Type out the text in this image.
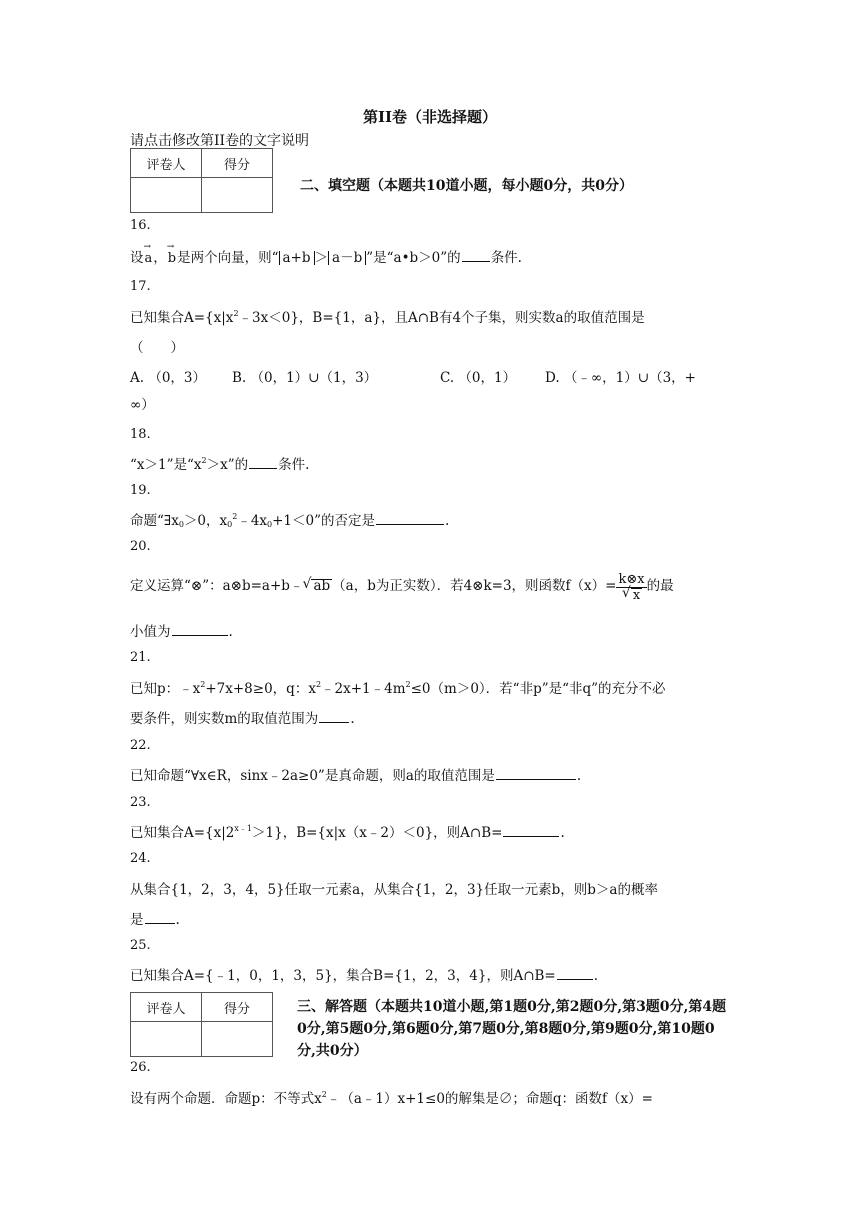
第II卷（非选择题）
请点击修改第II卷的文字说明
评卷人	得分

二、填空题（本题共10道小题，每小题0分，共0分）
16.
设→ a，→ b是两个向量，则“ a+b ＞ a－b ”是“a•b＞0”的 条件.
17.
已知集合$A=\{x|x^2﹣3x<0\}$，B={1，a}，且A∩B有4个子集，则实数a的取值范围是
（　　）
A. （0，3） B. （0，1）∪（1，3）	C. （0，1） D. （﹣∞，1）∪（3，+
∞）
18.
“x＞1”是“$x^2>x$”的 条件.
19.
命题“$\exists x_0>0$，$x_0^2﹣4x_0+1<0$”的否定是	.
20.
定义运算“⊗”：a⊗b=a+b﹣ √ ab （a，b为正实数）．若4⊗k=3，则函数f（x）= k⊗x
√ x 的最
小值为	.
21.
已知p：$﹣x^2+7x+8\ge 0$，q：$x^2﹣2x+1﹣4m^2\le 0(m>0)$．若“非p”是“非q”的充分不必
要条件，则实数m的取值范围为 .
22.
已知命题“∀x∈R，sinx﹣2a≥0”是真命题，则a的取值范围是	.
23.
已知集合$A=\{x|2^{x﹣1}>1\}$，B={x|x（x﹣2）＜0}，则A∩B=	.
24.
从集合{1，2，3，4，5}任取一元素a，从集合{1，2，3}任取一元素b，则b＞a的概率
是 .
25.
已知集合A={﹣1，0，1，3，5}，集合B={1，2，3，4}，则A∩B=	.
评卷人	得分
		三、解答题（本题共10道小题,第1题0分,第2题0分,第3题0分,第4题0分,第5题0分,第6题0分,第7题0分,第8题0分,第9题0分,第10题0分,共0分）
26.
设有两个命题．命题p：不等式$x^2﹣(a﹣1)x+1\le 0$的解集是∅；命题q：函数f（x）=
